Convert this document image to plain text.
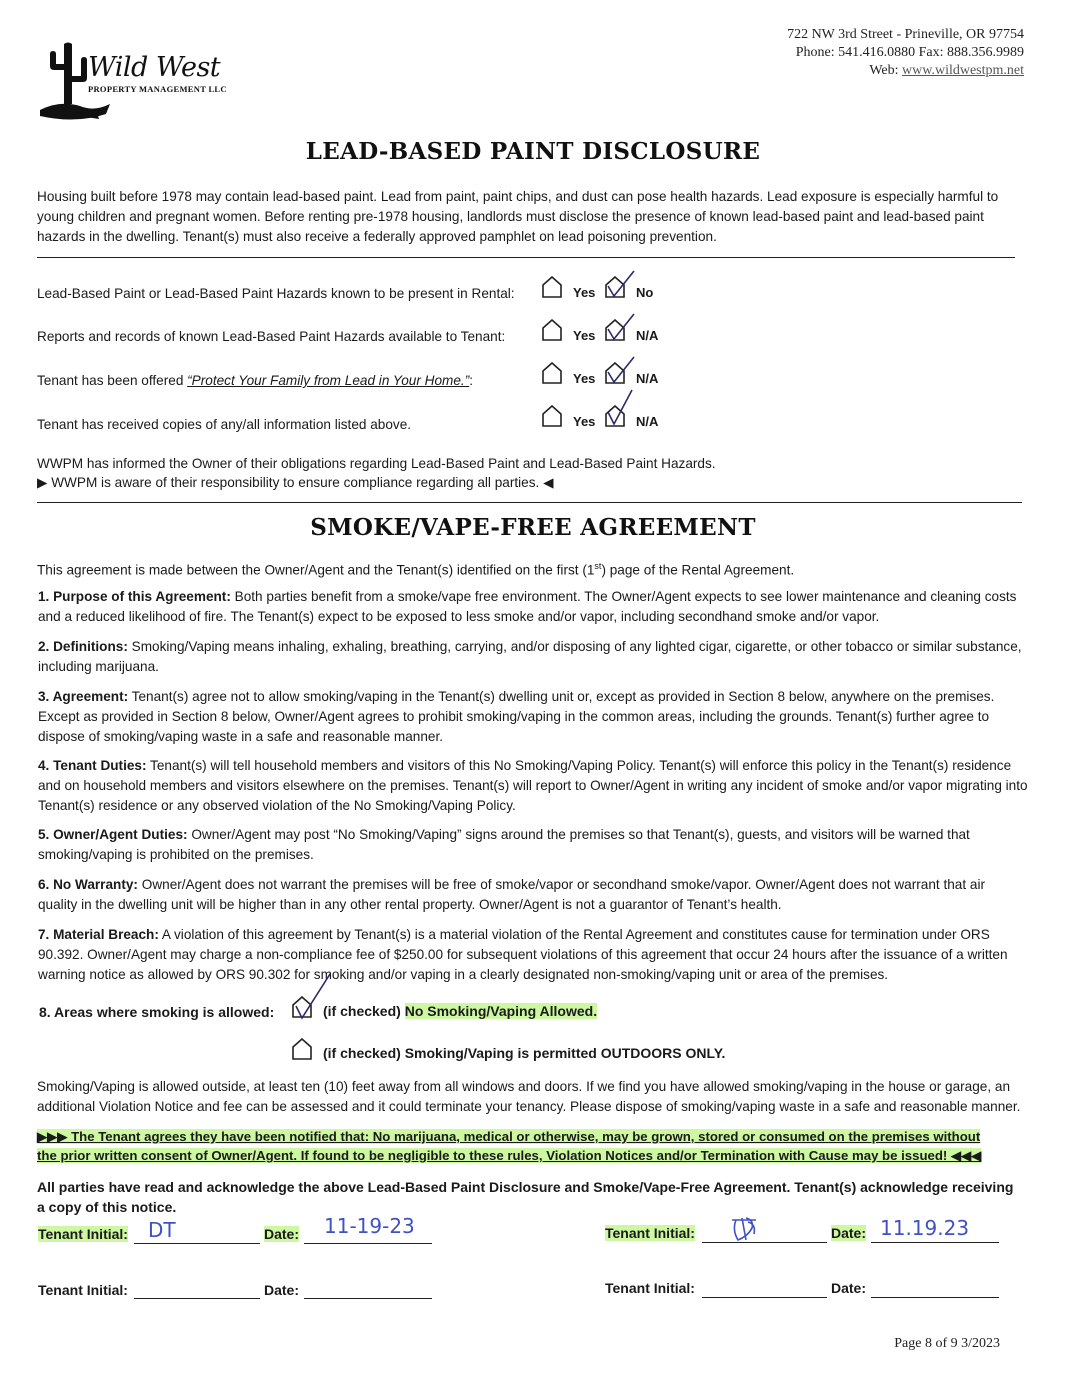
722 NW 3rd Street - Prineville, OR 97754
Phone: 541.416.0880 Fax: 888.356.9989
Web: www.wildwestpm.net
Wild West
PROPERTY MANAGEMENT LLC
LEAD-BASED PAINT DISCLOSURE
Housing built before 1978 may contain lead-based paint. Lead from paint, paint chips, and dust can pose health hazards. Lead exposure is especially harmful to young children and pregnant women. Before renting pre-1978 housing, landlords must disclose the presence of known lead-based paint and lead-based paint hazards in the dwelling. Tenant(s) must also receive a federally approved pamphlet on lead poisoning prevention.
Lead-Based Paint or Lead-Based Paint Hazards known to be present in Rental:	Yes	No
Reports and records of known Lead-Based Paint Hazards available to Tenant:	Yes	N/A
Tenant has been offered “Protect Your Family from Lead in Your Home.”:	Yes	N/A
Tenant has received copies of any/all information listed above.	Yes	N/A
WWPM has informed the Owner of their obligations regarding Lead-Based Paint and Lead-Based Paint Hazards.
▶ WWPM is aware of their responsibility to ensure compliance regarding all parties. ◀
SMOKE/VAPE-FREE AGREEMENT
This agreement is made between the Owner/Agent and the Tenant(s) identified on the first (1st) page of the Rental Agreement.
1. Purpose of this Agreement: Both parties benefit from a smoke/vape free environment. The Owner/Agent expects to see lower maintenance and cleaning costs and a reduced likelihood of fire. The Tenant(s) expect to be exposed to less smoke and/or vapor, including secondhand smoke and/or vapor.
2. Definitions: Smoking/Vaping means inhaling, exhaling, breathing, carrying, and/or disposing of any lighted cigar, cigarette, or other tobacco or similar substance, including marijuana.
3. Agreement: Tenant(s) agree not to allow smoking/vaping in the Tenant(s) dwelling unit or, except as provided in Section 8 below, anywhere on the premises. Except as provided in Section 8 below, Owner/Agent agrees to prohibit smoking/vaping in the common areas, including the grounds. Tenant(s) further agree to dispose of smoking/vaping waste in a safe and reasonable manner.
4. Tenant Duties: Tenant(s) will tell household members and visitors of this No Smoking/Vaping Policy. Tenant(s) will enforce this policy in the Tenant(s) residence and on household members and visitors elsewhere on the premises. Tenant(s) will report to Owner/Agent in writing any incident of smoke and/or vapor migrating into Tenant(s) residence or any observed violation of the No Smoking/Vaping Policy.
5. Owner/Agent Duties: Owner/Agent may post “No Smoking/Vaping” signs around the premises so that Tenant(s), guests, and visitors will be warned that smoking/vaping is prohibited on the premises.
6. No Warranty: Owner/Agent does not warrant the premises will be free of smoke/vapor or secondhand smoke/vapor. Owner/Agent does not warrant that air quality in the dwelling unit will be higher than in any other rental property. Owner/Agent is not a guarantor of Tenant’s health.
7. Material Breach: A violation of this agreement by Tenant(s) is a material violation of the Rental Agreement and constitutes cause for termination under ORS 90.392. Owner/Agent may charge a non-compliance fee of $250.00 for subsequent violations of this agreement that occur 24 hours after the issuance of a written warning notice as allowed by ORS 90.302 for smoking and/or vaping in a clearly designated non-smoking/vaping unit or area of the premises.
8. Areas where smoking is allowed:	(if checked) No Smoking/Vaping Allowed.
(if checked) Smoking/Vaping is permitted OUTDOORS ONLY.
Smoking/Vaping is allowed outside, at least ten (10) feet away from all windows and doors. If we find you have allowed smoking/vaping in the house or garage, an additional Violation Notice and fee can be assessed and it could terminate your tenancy. Please dispose of smoking/vaping waste in a safe and reasonable manner.
▶▶▶ The Tenant agrees they have been notified that: No marijuana, medical or otherwise, may be grown, stored or consumed on the premises without the prior written consent of Owner/Agent. If found to be negligible to these rules, Violation Notices and/or Termination with Cause may be issued! ◀◀◀
All parties have read and acknowledge the above Lead-Based Paint Disclosure and Smoke/Vape-Free Agreement. Tenant(s) acknowledge receiving a copy of this notice.
Tenant Initial: DT	Date: 11-19-23	Tenant Initial:	Date: 11.19.23
Tenant Initial:	Date:	Tenant Initial:	Date:
Page 8 of 9 3/2023
